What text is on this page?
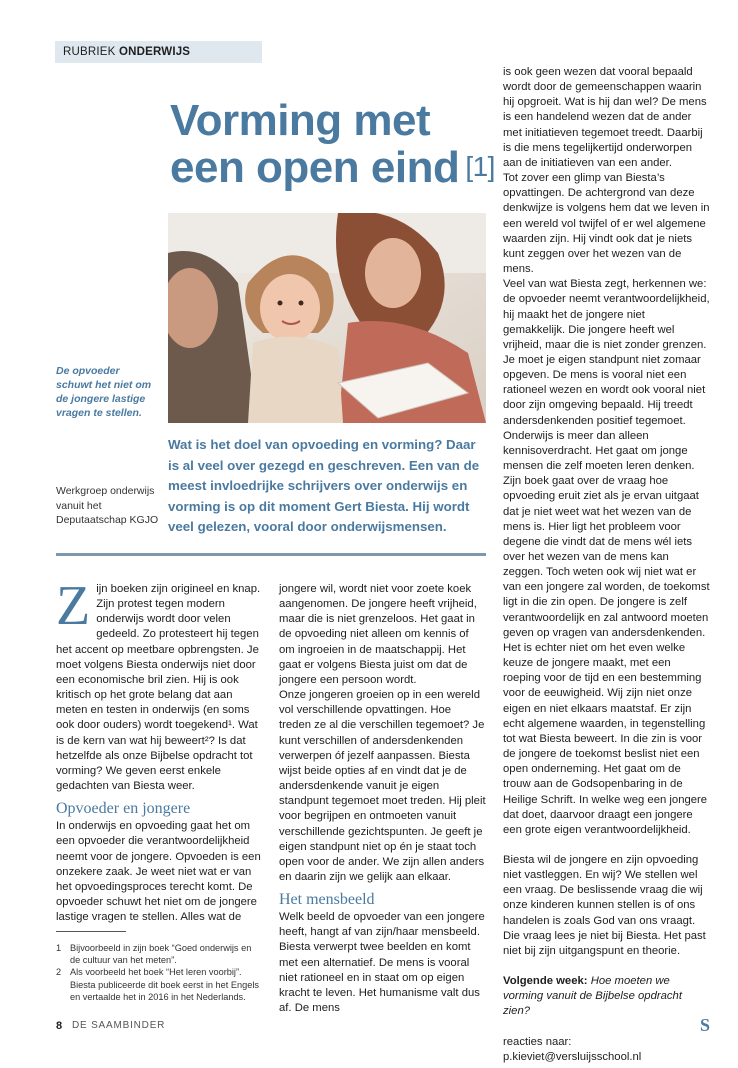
RUBRIEK ONDERWIJS
Vorming met
een open eind [1]
De opvoeder schuwt het niet om de jongere lastige vragen te stellen.
Werkgroep onderwijs vanuit het Deputaatschap KGJO
Wat is het doel van opvoeding en vorming? Daar is al veel over gezegd en geschreven. Een van de meest invloedrijke schrijvers over onderwijs en vorming is op dit moment Gert Biesta. Hij wordt veel gelezen, vooral door onderwijsmensen.
Z ijn boeken zijn origineel en knap. Zijn protest tegen modern onderwijs wordt door velen gedeeld. Zo protesteert hij tegen het accent op meetbare opbrengsten. Je moet volgens Biesta onderwijs niet door een economische bril zien. Hij is ook kritisch op het grote belang dat aan meten en testen in onderwijs (en soms ook door ouders) wordt toegekend¹. Wat is de kern van wat hij beweert²? Is dat hetzelfde als onze Bijbelse opdracht tot vorming? We geven eerst enkele gedachten van Biesta weer.

Opvoeder en jongere

In onderwijs en opvoeding gaat het om een opvoeder die verantwoordelijkheid neemt voor de jongere. Opvoeden is een onzekere zaak. Je weet niet wat er van het opvoedingsproces terecht komt. De opvoeder schuwt het niet om de jongere lastige vragen te stellen. Alles wat de

jongere wil, wordt niet voor zoete koek aangenomen. De jongere heeft vrijheid, maar die is niet grenzeloos. Het gaat in de opvoeding niet alleen om kennis of om ingroeien in de maatschappij. Het gaat er volgens Biesta juist om dat de jongere een persoon wordt.

Onze jongeren groeien op in een wereld vol verschillende opvattingen. Hoe treden ze al die verschillen tegemoet? Je kunt verschillen of andersdenkenden verwerpen óf jezelf aanpassen. Biesta wijst beide opties af en vindt dat je de andersdenkende vanuit je eigen standpunt tegemoet moet treden. Hij pleit voor begrijpen en ontmoeten vanuit verschillende gezichtspunten. Je geeft je eigen standpunt niet op én je staat toch open voor de ander. We zijn allen anders en daarin zijn we gelijk aan elkaar.

Het mensbeeld

Welk beeld de opvoeder van een jongere heeft, hangt af van zijn/haar mensbeeld. Biesta verwerpt twee beelden en komt met een alternatief. De mens is vooral niet rationeel en in staat om op eigen kracht te leven. Het humanisme valt dus af. De mens

is ook geen wezen dat vooral bepaald wordt door de gemeenschappen waarin hij opgroeit. Wat is hij dan wel? De mens is een handelend wezen dat de ander met initiatieven tegemoet treedt. Daarbij is die mens tegelijkertijd onderworpen aan de initiatieven van een ander.

Tot zover een glimp van Biesta’s opvattingen. De achtergrond van deze denkwijze is volgens hem dat we leven in een wereld vol twijfel of er wel algemene waarden zijn. Hij vindt ook dat je niets kunt zeggen over het wezen van de mens.

Veel van wat Biesta zegt, herkennen we: de opvoeder neemt verantwoordelijkheid, hij maakt het de jongere niet gemakkelijk. Die jongere heeft wel vrijheid, maar die is niet zonder grenzen. Je moet je eigen standpunt niet zomaar opgeven. De mens is vooral niet een rationeel wezen en wordt ook vooral niet door zijn omgeving bepaald. Hij treedt andersdenkenden positief tegemoet. Onderwijs is meer dan alleen kennisoverdracht. Het gaat om jonge mensen die zelf moeten leren denken.

Zijn boek gaat over de vraag hoe opvoeding eruit ziet als je ervan uitgaat dat je niet weet wat het wezen van de mens is. Hier ligt het probleem voor degene die vindt dat de mens wél iets over het wezen van de mens kan zeggen. Toch weten ook wij niet wat er van een jongere zal worden, de toekomst ligt in die zin open. De jongere is zelf verantwoordelijk en zal antwoord moeten geven op vragen van andersdenkenden.

Het is echter niet om het even welke keuze de jongere maakt, met een roeping voor de tijd en een bestemming voor de eeuwigheid. Wij zijn niet onze eigen en niet elkaars maatstaf. Er zijn echt algemene waarden, in tegenstelling tot wat Biesta beweert. In die zin is voor de jongere de toekomst beslist niet een open onderneming. Het gaat om de trouw aan de Godsopenbaring in de Heilige Schrift. In welke weg een jongere dat doet, daarvoor draagt een jongere een grote eigen verantwoordelijkheid.

Biesta wil de jongere en zijn opvoeding niet vastleggen. En wij? We stellen wel een vraag. De beslissende vraag die wij onze kinderen kunnen stellen is of ons handelen is zoals God van ons vraagt. Die vraag lees je niet bij Biesta. Het past niet bij zijn uitgangspunt en theorie.

Volgende week: Hoe moeten we vorming vanuit de Bijbelse opdracht zien?

reacties naar:

p.kieviet@versluijsschool.nl

1 Bijvoorbeeld in zijn boek “Goed onderwijs en de cultuur van het meten”.
2 Als voorbeeld het boek “Het leren voorbij”. Biesta publiceerde dit boek eerst in het Engels en vertaalde het in 2016 in het Nederlands.
8 DE SAAMBINDER	S
